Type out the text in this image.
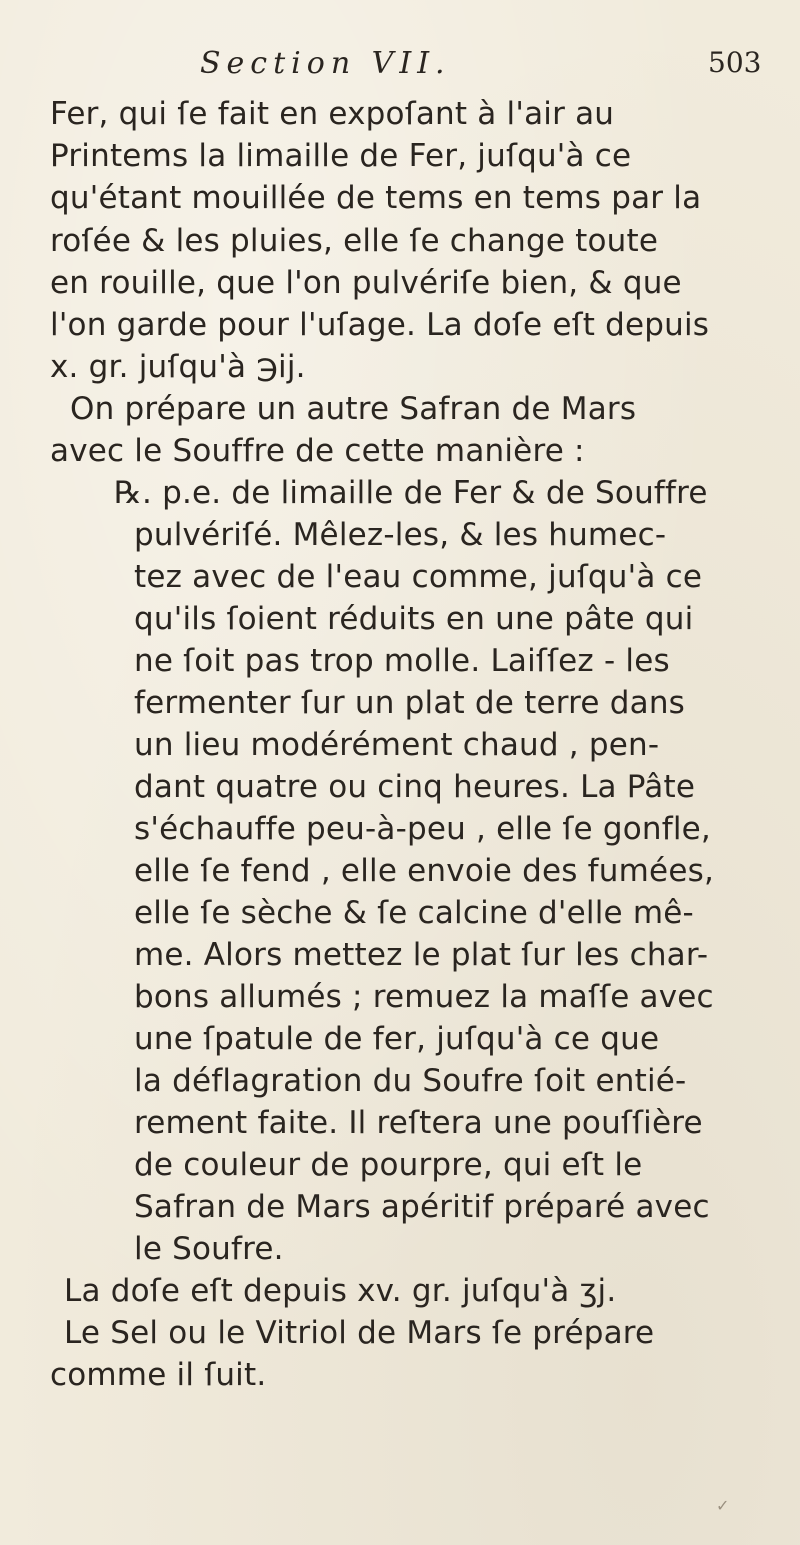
Section VII.	503
Fer, qui ſe fait en expoſant à l'air au
Printems la limaille de Fer, juſqu'à ce
qu'étant mouillée de tems en tems par la
roſée & les pluies, elle ſe change toute
en rouille, que l'on pulvériſe bien, & que
l'on garde pour l'uſage. La doſe eſt depuis
x. gr. juſqu'à ℈ij.
On prépare un autre Safran de Mars
avec le Souffre de cette manière :
℞. p.e. de limaille de Fer & de Souffre
pulvériſé. Mêlez-les, & les humec-
tez avec de l'eau comme, juſqu'à ce
qu'ils ſoient réduits en une pâte qui
ne ſoit pas trop molle. Laiſſez - les
fermenter ſur un plat de terre dans
un lieu modérément chaud , pen-
dant quatre ou cinq heures. La Pâte
s'échauffe peu-à-peu , elle ſe gonfle,
elle ſe fend , elle envoie des fumées,
elle ſe sèche & ſe calcine d'elle mê-
me. Alors mettez le plat ſur les char-
bons allumés ; remuez la maſſe avec
une ſpatule de fer, juſqu'à ce que
la déflagration du Soufre ſoit entié-
rement faite. Il reſtera une pouſſière
de couleur de pourpre, qui eſt le
Safran de Mars apéritif préparé avec
le Soufre.
La doſe eſt depuis xv. gr. juſqu'à ʒj.
Le Sel ou le Vitriol de Mars ſe prépare
comme il ſuit.
✓
